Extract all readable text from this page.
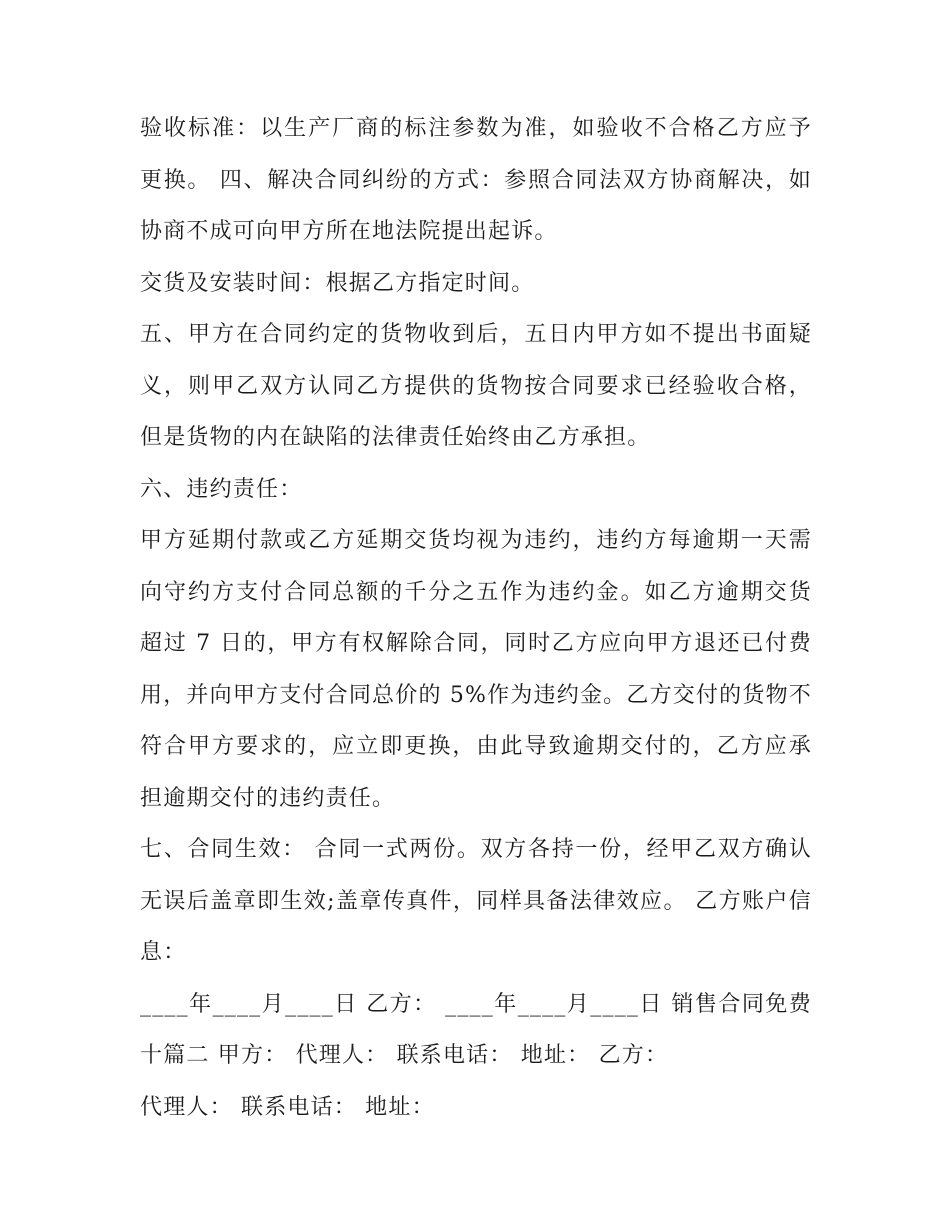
验收标准：以生产厂商的标注参数为准，如验收不合格乙方应予更换。 四、解决合同纠纷的方式：参照合同法双方协商解决，如协商不成可向甲方所在地法院提出起诉。

交货及安装时间：根据乙方指定时间。

五、甲方在合同约定的货物收到后，五日内甲方如不提出书面疑义，则甲乙双方认同乙方提供的货物按合同要求已经验收合格，但是货物的内在缺陷的法律责任始终由乙方承担。

六、违约责任：

甲方延期付款或乙方延期交货均视为违约，违约方每逾期一天需向守约方支付合同总额的千分之五作为违约金。如乙方逾期交货超过 7 日的，甲方有权解除合同，同时乙方应向甲方退还已付费用，并向甲方支付合同总价的 5%作为违约金。乙方交付的货物不符合甲方要求的，应立即更换，由此导致逾期交付的，乙方应承担逾期交付的违约责任。

七、合同生效： 合同一式两份。双方各持一份，经甲乙双方确认无误后盖章即生效;盖章传真件，同样具备法律效应。 乙方账户信息：

____年____月____日 乙方： ____年____月____日 销售合同免费十篇二 甲方： 代理人： 联系电话： 地址： 乙方：

代理人： 联系电话： 地址：
